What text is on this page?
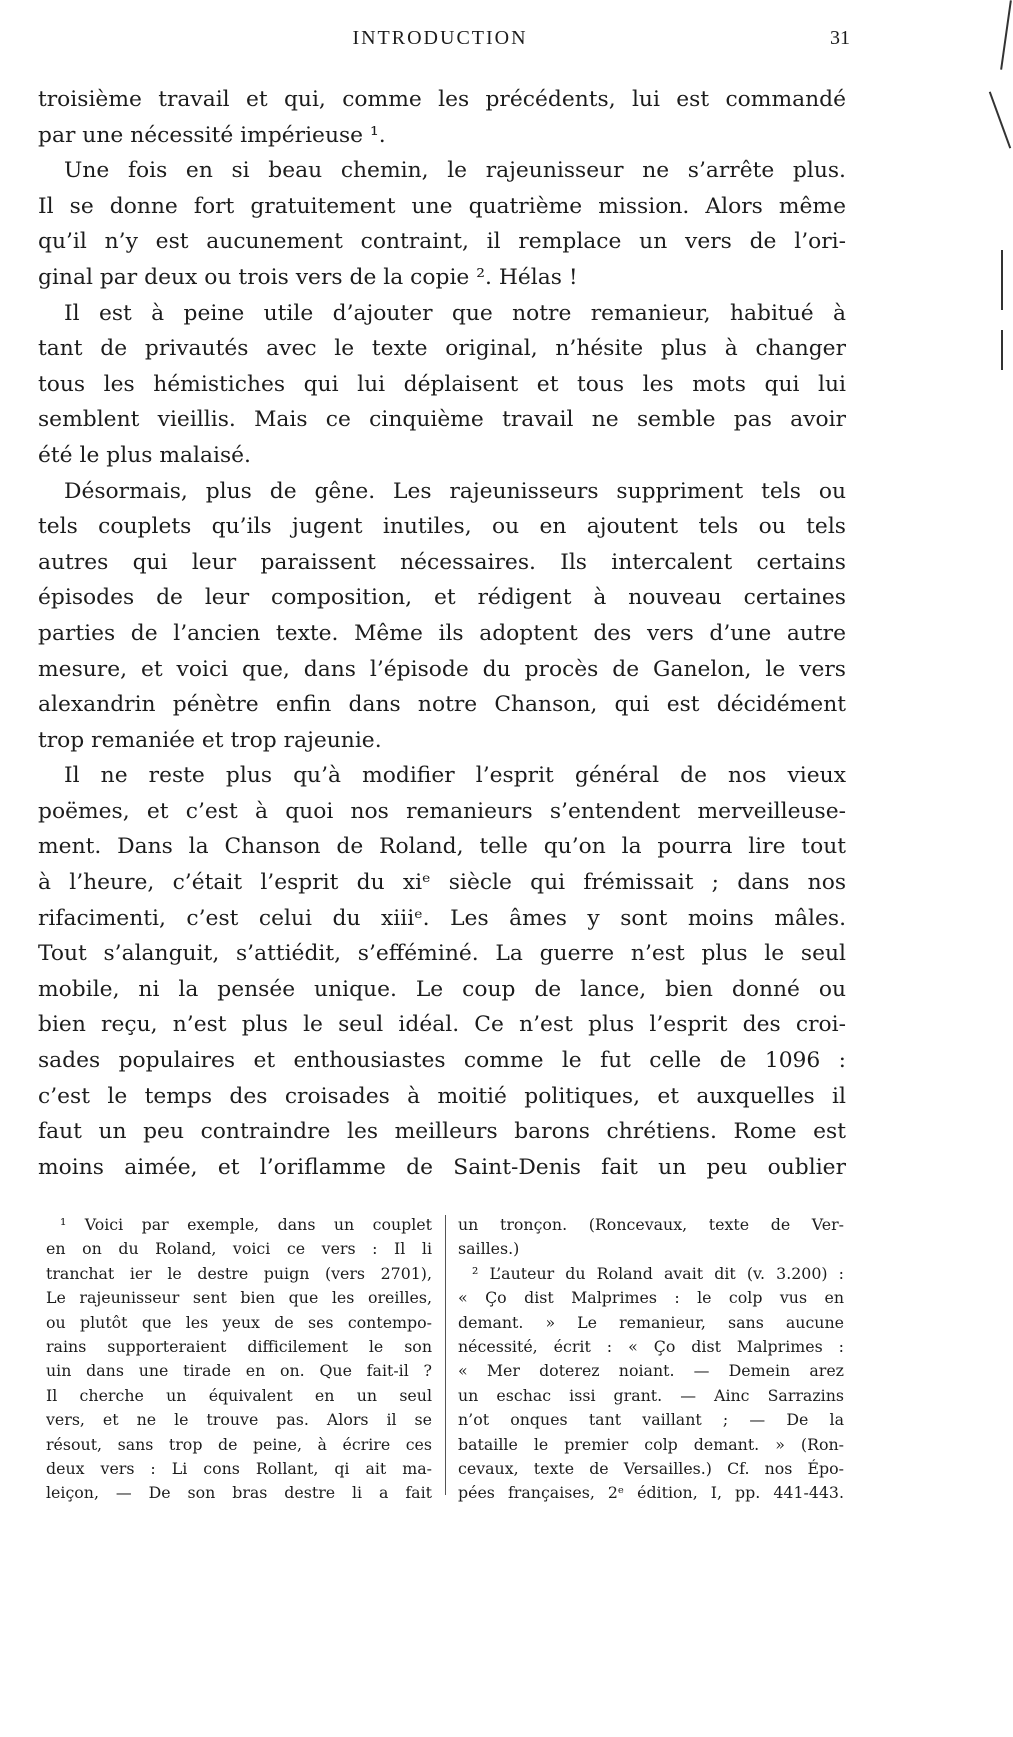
INTRODUCTION	31
troisième travail et qui, comme les précédents, lui est commandé
par une nécessité impérieuse ¹.
Une fois en si beau chemin, le rajeunisseur ne s’arrête plus.
Il se donne fort gratuitement une quatrième mission. Alors même
qu’il n’y est aucunement contraint, il remplace un vers de l’ori-
ginal par deux ou trois vers de la copie ². Hélas !
Il est à peine utile d’ajouter que notre remanieur, habitué à
tant de privautés avec le texte original, n’hésite plus à changer
tous les hémistiches qui lui déplaisent et tous les mots qui lui
semblent vieillis. Mais ce cinquième travail ne semble pas avoir
été le plus malaisé.
Désormais, plus de gêne. Les rajeunisseurs suppriment tels ou
tels couplets qu’ils jugent inutiles, ou en ajoutent tels ou tels
autres qui leur paraissent nécessaires. Ils intercalent certains
épisodes de leur composition, et rédigent à nouveau certaines
parties de l’ancien texte. Même ils adoptent des vers d’une autre
mesure, et voici que, dans l’épisode du procès de Ganelon, le vers
alexandrin pénètre enfin dans notre Chanson, qui est décidément
trop remaniée et trop rajeunie.
Il ne reste plus qu’à modifier l’esprit général de nos vieux
poëmes, et c’est à quoi nos remanieurs s’entendent merveilleuse-
ment. Dans la Chanson de Roland, telle qu’on la pourra lire tout
à l’heure, c’était l’esprit du xiᵉ siècle qui frémissait ; dans nos
rifacimenti, c’est celui du xiiiᵉ. Les âmes y sont moins mâles.
Tout s’alanguit, s’attiédit, s’efféminé. La guerre n’est plus le seul
mobile, ni la pensée unique. Le coup de lance, bien donné ou
bien reçu, n’est plus le seul idéal. Ce n’est plus l’esprit des croi-
sades populaires et enthousiastes comme le fut celle de 1096 :
c’est le temps des croisades à moitié politiques, et auxquelles il
faut un peu contraindre les meilleurs barons chrétiens. Rome est
moins aimée, et l’oriflamme de Saint-Denis fait un peu oublier
¹ Voici par exemple, dans un couplet
en on du Roland, voici ce vers : Il li
tranchat ier le destre puign (vers 2701),
Le rajeunisseur sent bien que les oreilles,
ou plutôt que les yeux de ses contempo-
rains supporteraient difficilement le son
uin dans une tirade en on. Que fait-il ?
Il cherche un équivalent en un seul
vers, et ne le trouve pas. Alors il se
résout, sans trop de peine, à écrire ces
deux vers : Li cons Rollant, qi ait ma-
leiçon, — De son bras destre li a fait
un tronçon. (Roncevaux, texte de Ver-
sailles.)
² L’auteur du Roland avait dit (v. 3.200) :
« Ço dist Malprimes : le colp vus en
demant. » Le remanieur, sans aucune
nécessité, écrit : « Ço dist Malprimes :
« Mer doterez noiant. — Demein arez
un eschac issi grant. — Ainc Sarrazins
n’ot onques tant vaillant ; — De la
bataille le premier colp demant. » (Ron-
cevaux, texte de Versailles.) Cf. nos Épo-
pées françaises, 2ᵉ édition, I, pp. 441-443.
